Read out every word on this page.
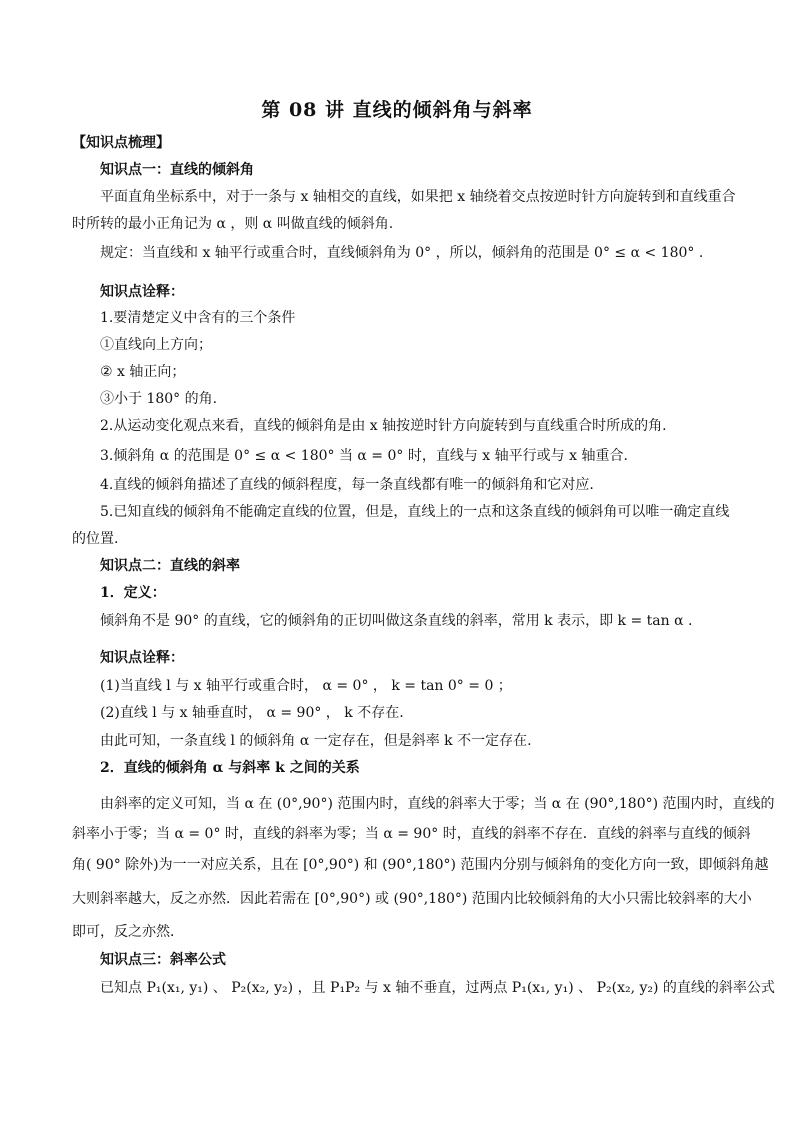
第 08 讲 直线的倾斜角与斜率
【知识点梳理】
知识点一：直线的倾斜角
平面直角坐标系中，对于一条与 x 轴相交的直线，如果把 x 轴绕着交点按逆时针方向旋转到和直线重合
时所转的最小正角记为 α ，则 α 叫做直线的倾斜角.
规定：当直线和 x 轴平行或重合时，直线倾斜角为 0° ，所以，倾斜角的范围是 0° ≤ α < 180° .
知识点诠释：
1.要清楚定义中含有的三个条件
①直线向上方向；
② x 轴正向；
③小于 180° 的角.
2.从运动变化观点来看，直线的倾斜角是由 x 轴按逆时针方向旋转到与直线重合时所成的角.
3.倾斜角 α 的范围是 0° ≤ α < 180° 当 α = 0° 时，直线与 x 轴平行或与 x 轴重合.
4.直线的倾斜角描述了直线的倾斜程度，每一条直线都有唯一的倾斜角和它对应.
5.已知直线的倾斜角不能确定直线的位置，但是，直线上的一点和这条直线的倾斜角可以唯一确定直线
的位置.
知识点二：直线的斜率
1．定义：
倾斜角不是 90° 的直线，它的倾斜角的正切叫做这条直线的斜率，常用 k 表示，即 k = tan α .
知识点诠释：
(1)当直线 l 与 x 轴平行或重合时， α = 0° ， k = tan 0° = 0 ；
(2)直线 l 与 x 轴垂直时， α = 90° ， k 不存在.
由此可知，一条直线 l 的倾斜角 α 一定存在，但是斜率 k 不一定存在.
2．直线的倾斜角 α 与斜率 k 之间的关系
由斜率的定义可知，当 α 在 (0°,90°) 范围内时，直线的斜率大于零；当 α 在 (90°,180°) 范围内时，直线的
斜率小于零；当 α = 0° 时，直线的斜率为零；当 α = 90° 时，直线的斜率不存在．直线的斜率与直线的倾斜
角( 90° 除外)为一一对应关系，且在 [0°,90°) 和 (90°,180°) 范围内分别与倾斜角的变化方向一致，即倾斜角越
大则斜率越大，反之亦然．因此若需在 [0°,90°) 或 (90°,180°) 范围内比较倾斜角的大小只需比较斜率的大小
即可，反之亦然．
知识点三：斜率公式
已知点 P₁(x₁, y₁) 、 P₂(x₂, y₂) ，且 P₁P₂ 与 x 轴不垂直，过两点 P₁(x₁, y₁) 、 P₂(x₂, y₂) 的直线的斜率公式
